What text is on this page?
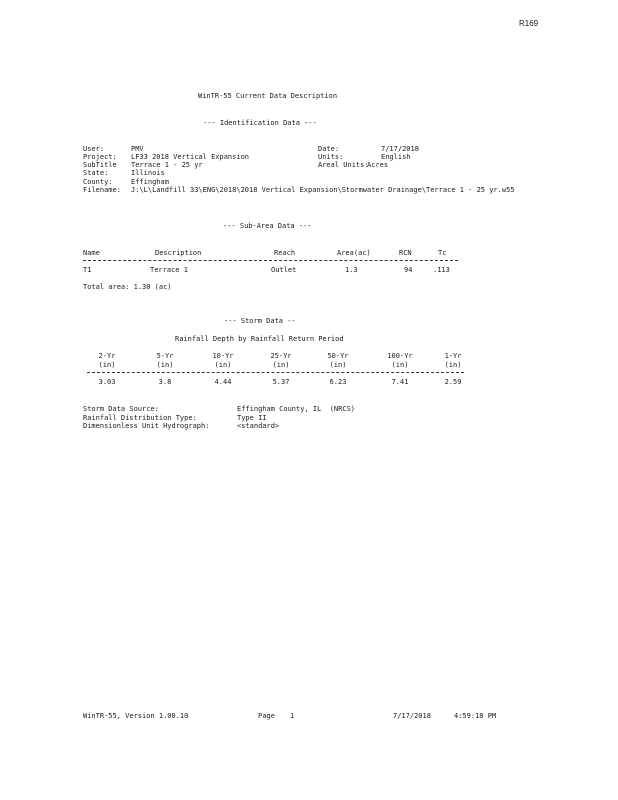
R169
WinTR-55 Current Data Description
--- Identification Data ---
User:	PMV
Project: LF33 2018 Vertical Expansion
SubTitle Terrace 1 - 25 yr
State:	Illinois
County:	Effingham
Filename: J:\L\Landfill 33\ENG\2018\2018 Vertical Expansion\Stormwater Drainage\Terrace 1 - 25 yr.w55
Date:	7/17/2018
Units:	English
Areal Units:
Acres
--- Sub-Area Data ---
Name	Description	Reach	Area(ac)	RCN	Tc
T1	Terrace 1	Outlet	1.3	94	.113
Total area: 1.30 (ac)
--- Storm Data --
Rainfall Depth by Rainfall Return Period
2-Yr	5-Yr	10-Yr	25-Yr	50-Yr	100-Yr	1-Yr
(in)	(in)	(in)	(in)	(in)	(in)	(in)
3.03	3.8	4.44	5.37	6.23	7.41	2.59
Storm Data Source:	Effingham County, IL  (NRCS)
Rainfall Distribution Type:	Type II
Dimensionless Unit Hydrograph:	<standard>
WinTR-55, Version 1.00.10	Page 1	7/17/2018	4:59:18 PM
